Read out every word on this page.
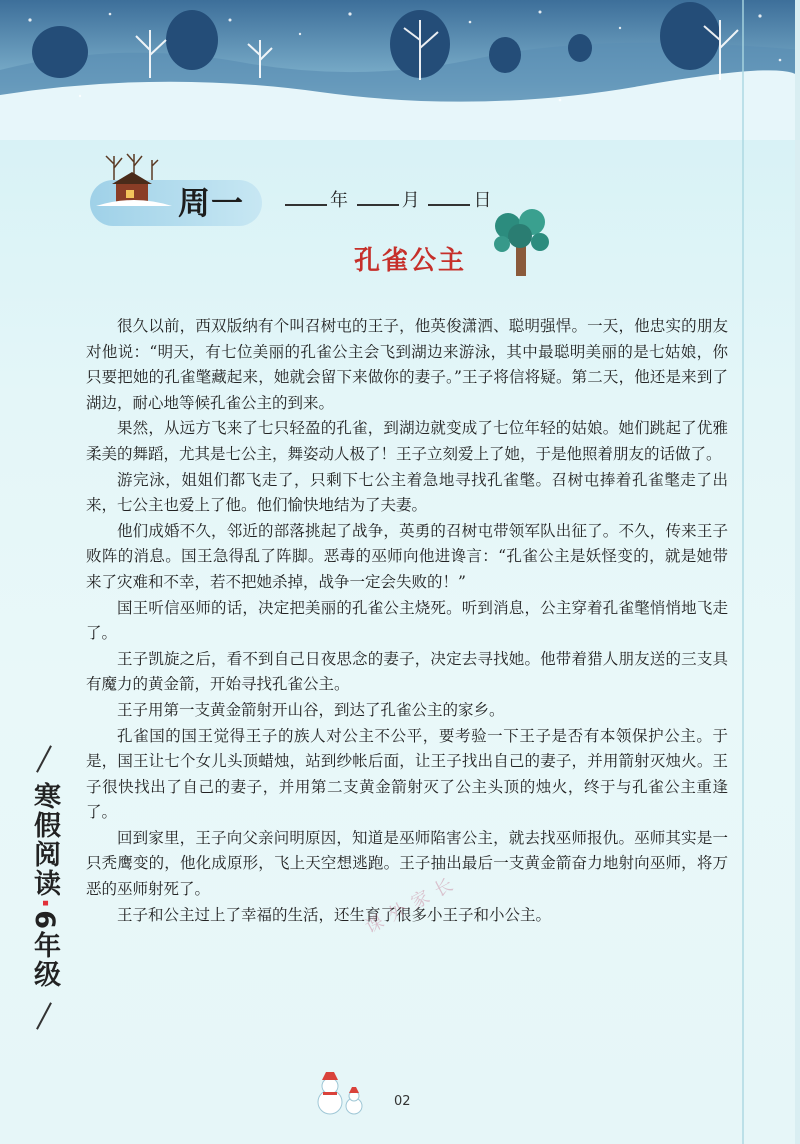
周一	年	月	日
孔雀公主

很久以前，西双版纳有个叫召树屯的王子，他英俊潇洒、聪明强悍。一天，他忠实的朋友对他说：“明天，有七位美丽的孔雀公主会飞到湖边来游泳，其中最聪明美丽的是七姑娘，你只要把她的孔雀氅藏起来，她就会留下来做你的妻子。”王子将信将疑。第二天，他还是来到了湖边，耐心地等候孔雀公主的到来。

果然，从远方飞来了七只轻盈的孔雀，到湖边就变成了七位年轻的姑娘。她们跳起了优雅柔美的舞蹈，尤其是七公主，舞姿动人极了！王子立刻爱上了她，于是他照着朋友的话做了。

游完泳，姐姐们都飞走了，只剩下七公主着急地寻找孔雀氅。召树屯捧着孔雀氅走了出来，七公主也爱上了他。他们愉快地结为了夫妻。

他们成婚不久，邻近的部落挑起了战争，英勇的召树屯带领军队出征了。不久，传来王子败阵的消息。国王急得乱了阵脚。恶毒的巫师向他进谗言：“孔雀公主是妖怪变的，就是她带来了灾难和不幸，若不把她杀掉，战争一定会失败的！”

国王听信巫师的话，决定把美丽的孔雀公主烧死。听到消息，公主穿着孔雀氅悄悄地飞走了。

王子凯旋之后，看不到自己日夜思念的妻子，决定去寻找她。他带着猎人朋友送的三支具有魔力的黄金箭，开始寻找孔雀公主。

王子用第一支黄金箭射开山谷，到达了孔雀公主的家乡。

孔雀国的国王觉得王子的族人对公主不公平，要考验一下王子是否有本领保护公主。于是，国王让七个女儿头顶蜡烛，站到纱帐后面，让王子找出自己的妻子，并用箭射灭烛火。王子很快找出了自己的妻子，并用第二支黄金箭射灭了公主头顶的烛火，终于与孔雀公主重逢了。

回到家里，王子向父亲问明原因，知道是巫师陷害公主，就去找巫师报仇。巫师其实是一只秃鹰变的，他化成原形，飞上天空想逃跑。王子抽出最后一支黄金箭奋力地射向巫师，将万恶的巫师射死了。

王子和公主过上了幸福的生活，还生育了很多小王子和小公主。

课外家长
寒假阅读·6年级
02
